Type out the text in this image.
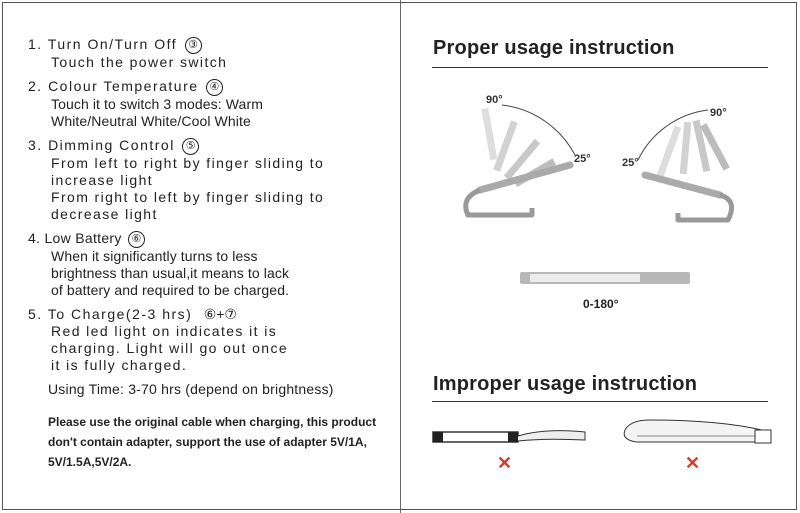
1. Turn On/Turn Off ③
Touch the power switch
2. Colour Temperature ④
Touch it to switch 3 modes: Warm
White/Neutral White/Cool White
3. Dimming Control ⑤
From left to right by finger sliding to
increase light
From right to left by finger sliding to
decrease light
4. Low Battery ⑥
When it significantly turns to less
brightness than usual,it means to lack
of battery and required to be charged.
5. To Charge(2-3 hrs) ⑥+⑦
Red led light on indicates it is
charging. Light will go out once
it is fully charged.
Using Time: 3-70 hrs (depend on brightness)
Please use the original cable when charging, this product don't contain adapter, support the use of adapter 5V/1A, 5V/1.5A,5V/2A.
Proper usage instruction
90°
25°
90°
25°
0-180°
Improper usage instruction
✕	✕
